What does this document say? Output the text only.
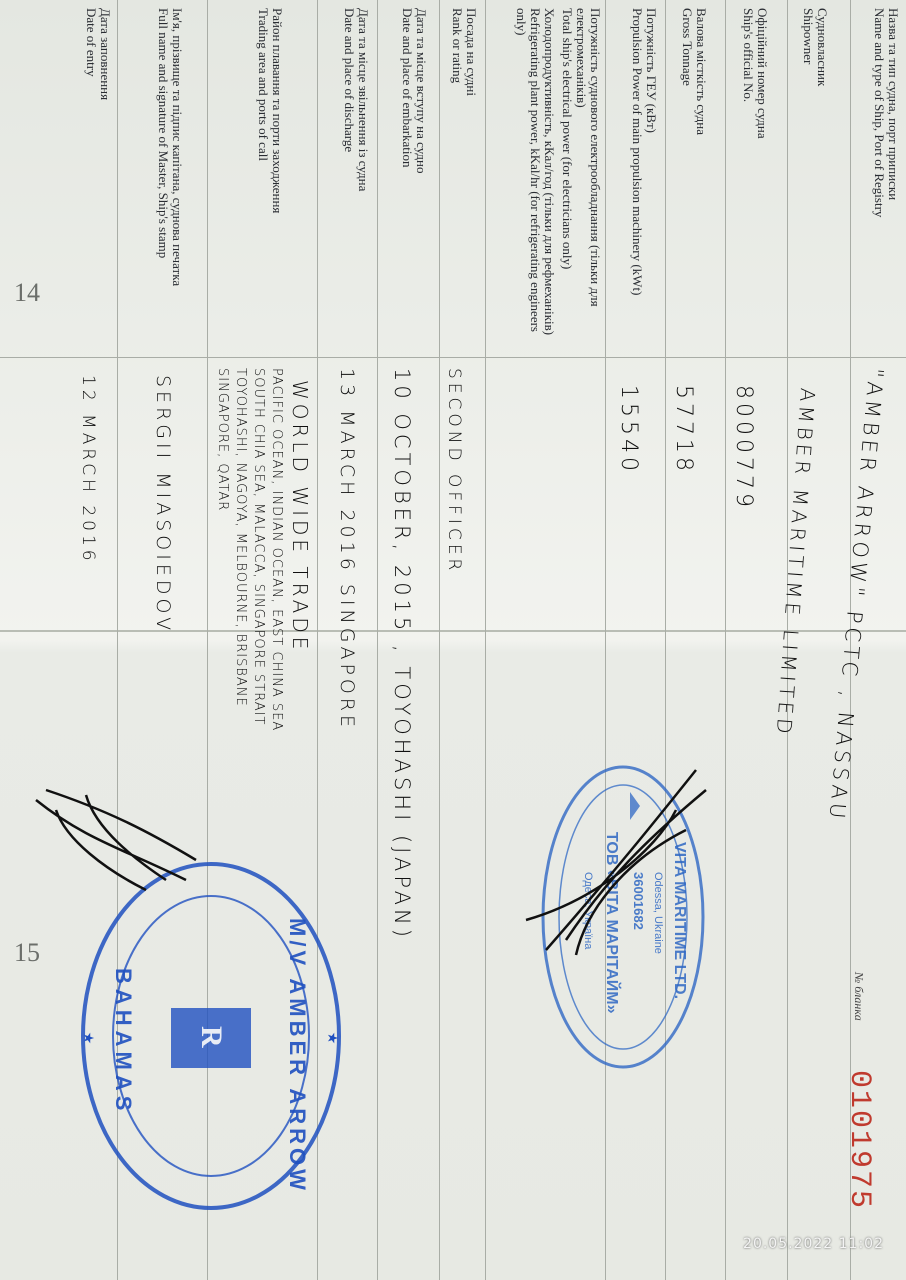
Назва та тип судна, порт приписки
Name and type of Ship, Port of Registry
Судновласник
Shipowner
Офіційний номер судна
Ship's official No.
Валова місткість судна
Gross Tonnage
Потужність ГЕУ (кВт)
Propulsion Power of main propulsion machinery (kWt)
Потужність суднового електрообладнання (тільки для електромеханіків)
Total ship's electrical power (for electricians only)
Холодопродуктивність, кКал/год (тільки для рефмеханіків)
Refrigerating plant power, kKal/hr (for refrigerating engineers only)
Посада на судні
Rank or rating
Дата та місце вступу на судно
Date and place of embarkation
Дата та місце звільнення із судна
Date and place of discharge
Район плавання та порти заходження
Trading area and ports of call
Ім'я, прізвище та підпис капітана, суднова печатка
Full name and signature of Master, Ship's stamp
Дата заповнення
Date of entry
"AMBER ARROW" PCTC , NASSAU
AMBER MARITIME LIMITED
8000779
57718
15540
SECOND OFFICER
10 OCTOBER, 2015 , TOYOHASHI (JAPAN)
13 MARCH 2016 SINGAPORE
WORLD WIDE TRADE
PACIFIC OCEAN, INDIAN OCEAN, EAST CHINA SEA
SOUTH CHIA SEA, MALACCA, SINGAPORE STRAIT
TOYOHASHI, NAGOYA, MELBOURNE, BRISBANE
SINGAPORE, QATAR
SERGII MIASOIEDOV
12 MARCH 2016
14
15
№ бланка
0101975
VITA MARITIME LTD.
Odessa, Ukraine
36001682
ТОВ «ВІТА МАРІТАЙМ»
Одеса, Україна
★
★	M/V AMBER ARROW
R
BAHAMAS
20.05.2022 11:02
